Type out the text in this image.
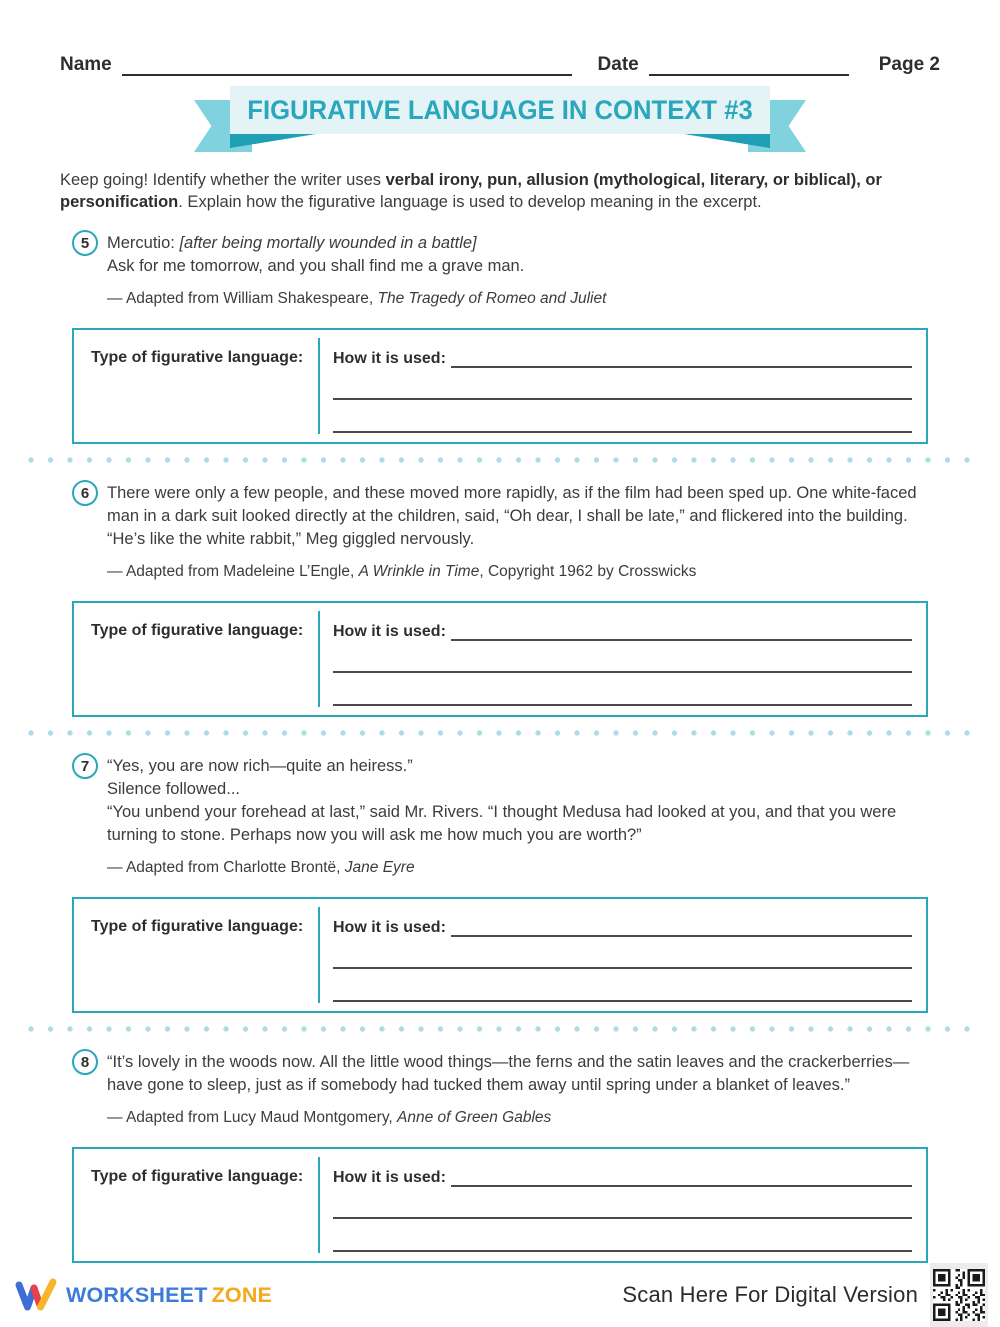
Name	Date	Page 2
FIGURATIVE LANGUAGE IN CONTEXT #3

Keep going! Identify whether the writer uses verbal irony, pun, allusion (mythological, literary, or biblical), or personification. Explain how the figurative language is used to develop meaning in the excerpt.

5	Mercutio: [after being mortally wounded in a battle]
Ask for me tomorrow, and you shall find me a grave man.
— Adapted from William Shakespeare, The Tragedy of Romeo and Juliet
Type of figurative language:	How it is used:
6	There were only a few people, and these moved more rapidly, as if the film had been sped up. One white-faced man in a dark suit looked directly at the children, said, “Oh dear, I shall be late,” and flickered into the building. “He’s like the white rabbit,” Meg giggled nervously.
— Adapted from Madeleine L’Engle, A Wrinkle in Time, Copyright 1962 by Crosswicks
Type of figurative language:	How it is used:
7	“Yes, you are now rich—quite an heiress.”
Silence followed...
“You unbend your forehead at last,” said Mr. Rivers. “I thought Medusa had looked at you, and that you were turning to stone. Perhaps now you will ask me how much you are worth?”
— Adapted from Charlotte Brontë, Jane Eyre
Type of figurative language:	How it is used:
8	“It’s lovely in the woods now. All the little wood things—the ferns and the satin leaves and the crackerberries— have gone to sleep, just as if somebody had tucked them away until spring under a blanket of leaves.”
— Adapted from Lucy Maud Montgomery, Anne of Green Gables
Type of figurative language:	How it is used:
WORKSHEET ZONE	Scan Here For Digital Version
